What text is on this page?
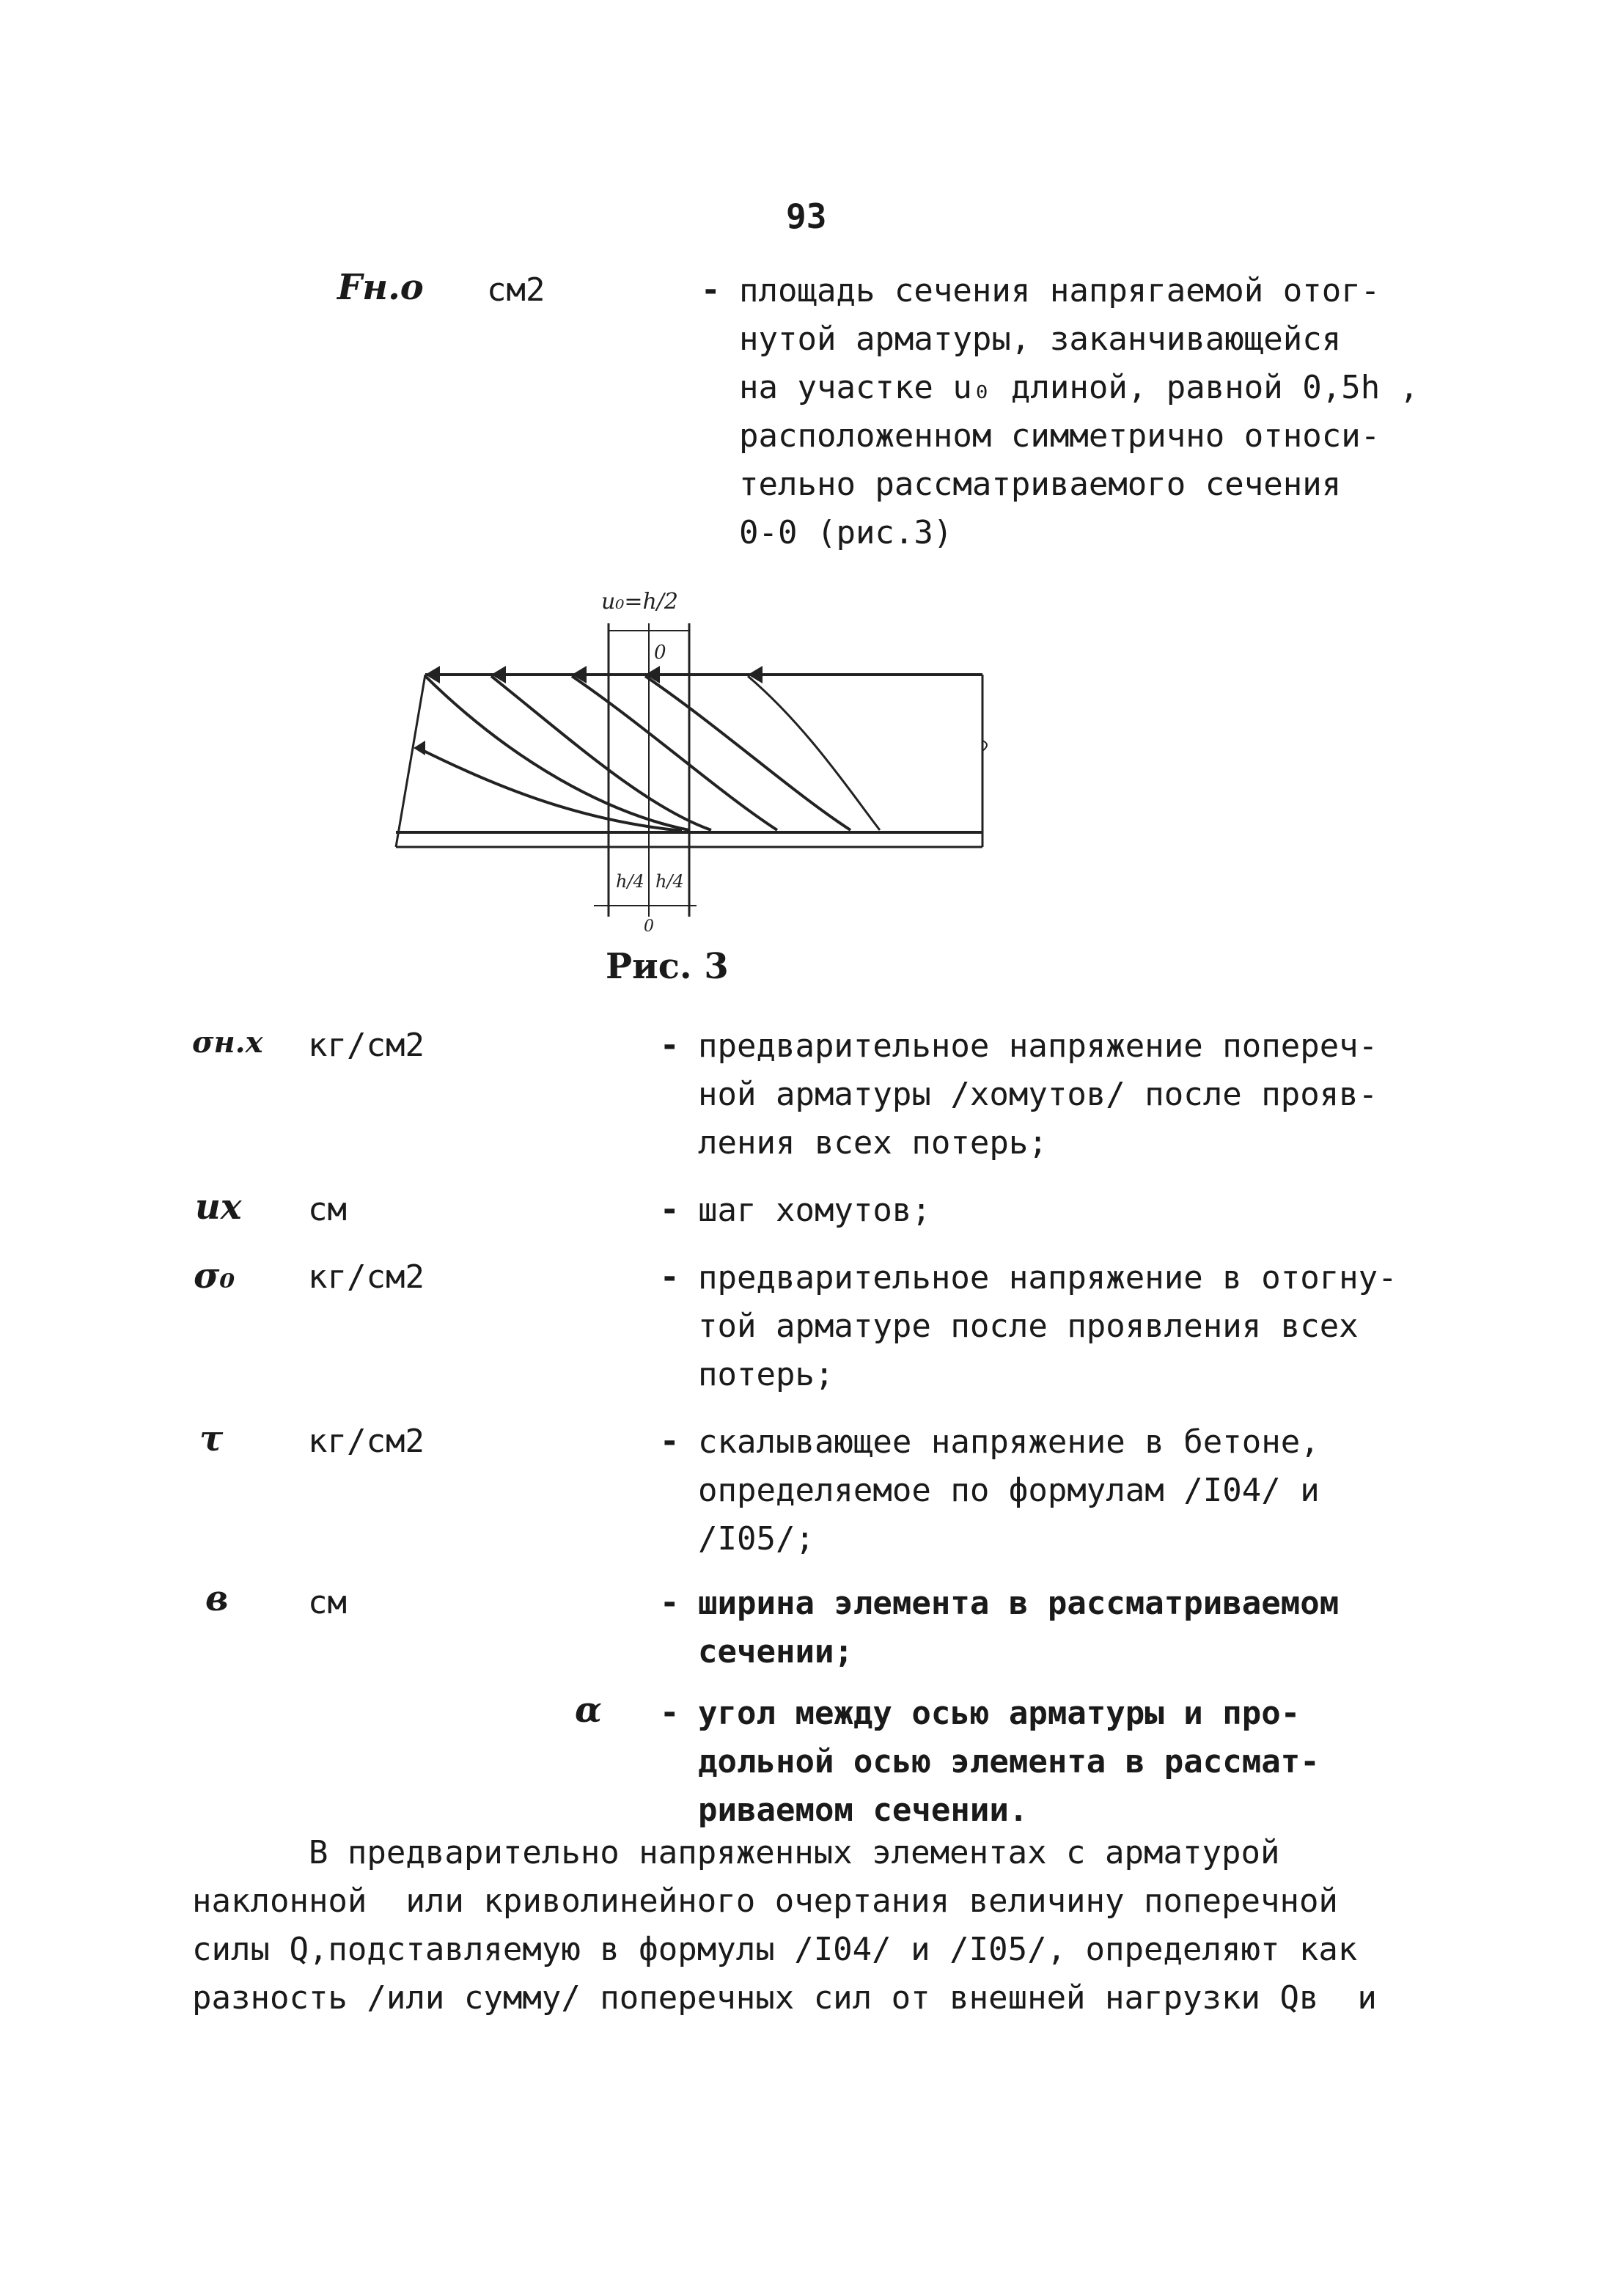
93
Fн.о см2	- площадь сечения напрягаемой отог-
нутой арматуры, заканчивающейся
на участке u₀ длиной, равной 0,5h ,
расположенном симметрично относи-
тельно рассматриваемого сечения
0-0 (рис.3)
u₀=h/2
0
h/4 h/4
0
Рис. 3
σн.х кг/см2	- предварительное напряжение попереч-
ной арматуры /хомутов/ после прояв-
ления всех потерь;
uх см	- шаг хомутов;
σ₀ кг/см2	- предварительное напряжение в отогну-
той арматуре после проявления всех
потерь;
τ	кг/см2	- скалывающее напряжение в бетоне,
определяемое по формулам /I04/ и
/I05/;
в см	- ширина элемента в рассматриваемом
сечении;
α - угол между осью арматуры и про-
дольной осью элемента в рассмат-
риваемом сечении.
В предварительно напряженных элементах с арматурой
наклонной  или криволинейного очертания величину поперечной
силы Q,подставляемую в формулы /I04/ и /I05/, определяют как
разность /или сумму/ поперечных сил от внешней нагрузки Qв  и
